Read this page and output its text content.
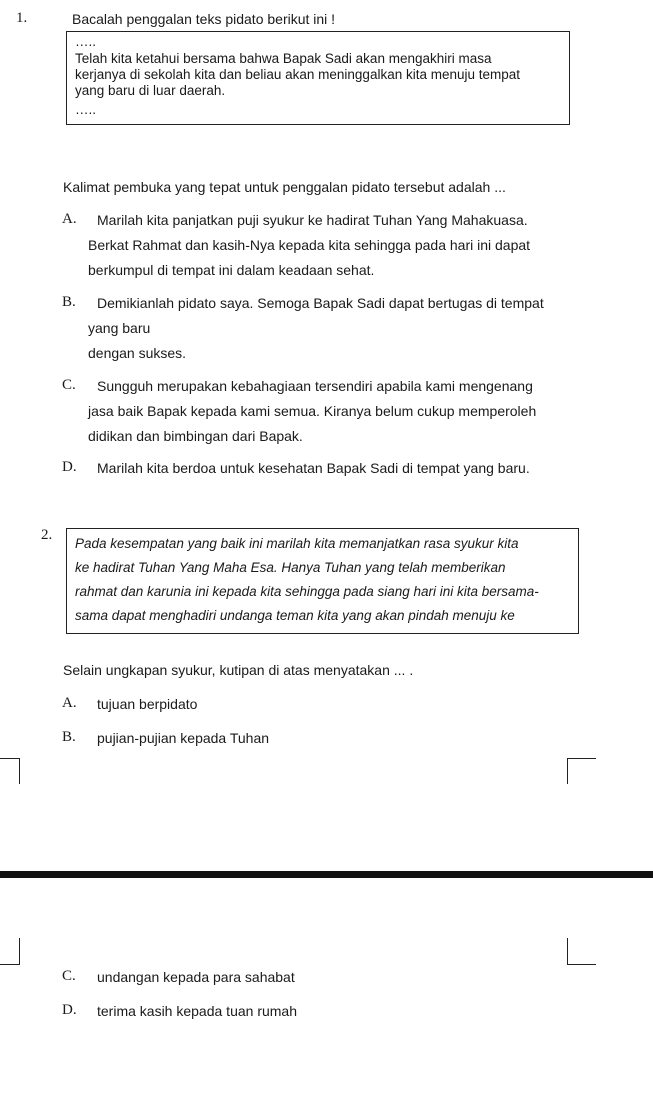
1.	Bacalah penggalan teks pidato berikut ini !
…..
Telah kita ketahui bersama bahwa Bapak Sadi akan mengakhiri masa
kerjanya di sekolah kita dan beliau akan meninggalkan kita menuju tempat
yang baru di luar daerah.
…..
Kalimat pembuka yang tepat untuk penggalan pidato tersebut adalah ...
A. Marilah kita panjatkan puji syukur ke hadirat Tuhan Yang Mahakuasa.
Berkat Rahmat dan kasih-Nya kepada kita sehingga pada hari ini dapat
berkumpul di tempat ini dalam keadaan sehat.
B. Demikianlah pidato saya. Semoga Bapak Sadi dapat bertugas di tempat
yang baru
dengan sukses.
C. Sungguh merupakan kebahagiaan tersendiri apabila kami mengenang
jasa baik Bapak kepada kami semua. Kiranya belum cukup memperoleh
didikan dan bimbingan dari Bapak.
D. Marilah kita berdoa untuk kesehatan Bapak Sadi di tempat yang baru.
2.
Pada kesempatan yang baik ini marilah kita memanjatkan rasa syukur kita
ke hadirat Tuhan Yang Maha Esa. Hanya Tuhan yang telah memberikan
rahmat dan karunia ini kepada kita sehingga pada siang hari ini kita bersama-
sama dapat menghadiri undanga teman kita yang akan pindah menuju ke
Selain ungkapan syukur, kutipan di atas menyatakan ... .
A. tujuan berpidato
B. pujian-pujian kepada Tuhan
C. undangan kepada para sahabat
D. terima kasih kepada tuan rumah
